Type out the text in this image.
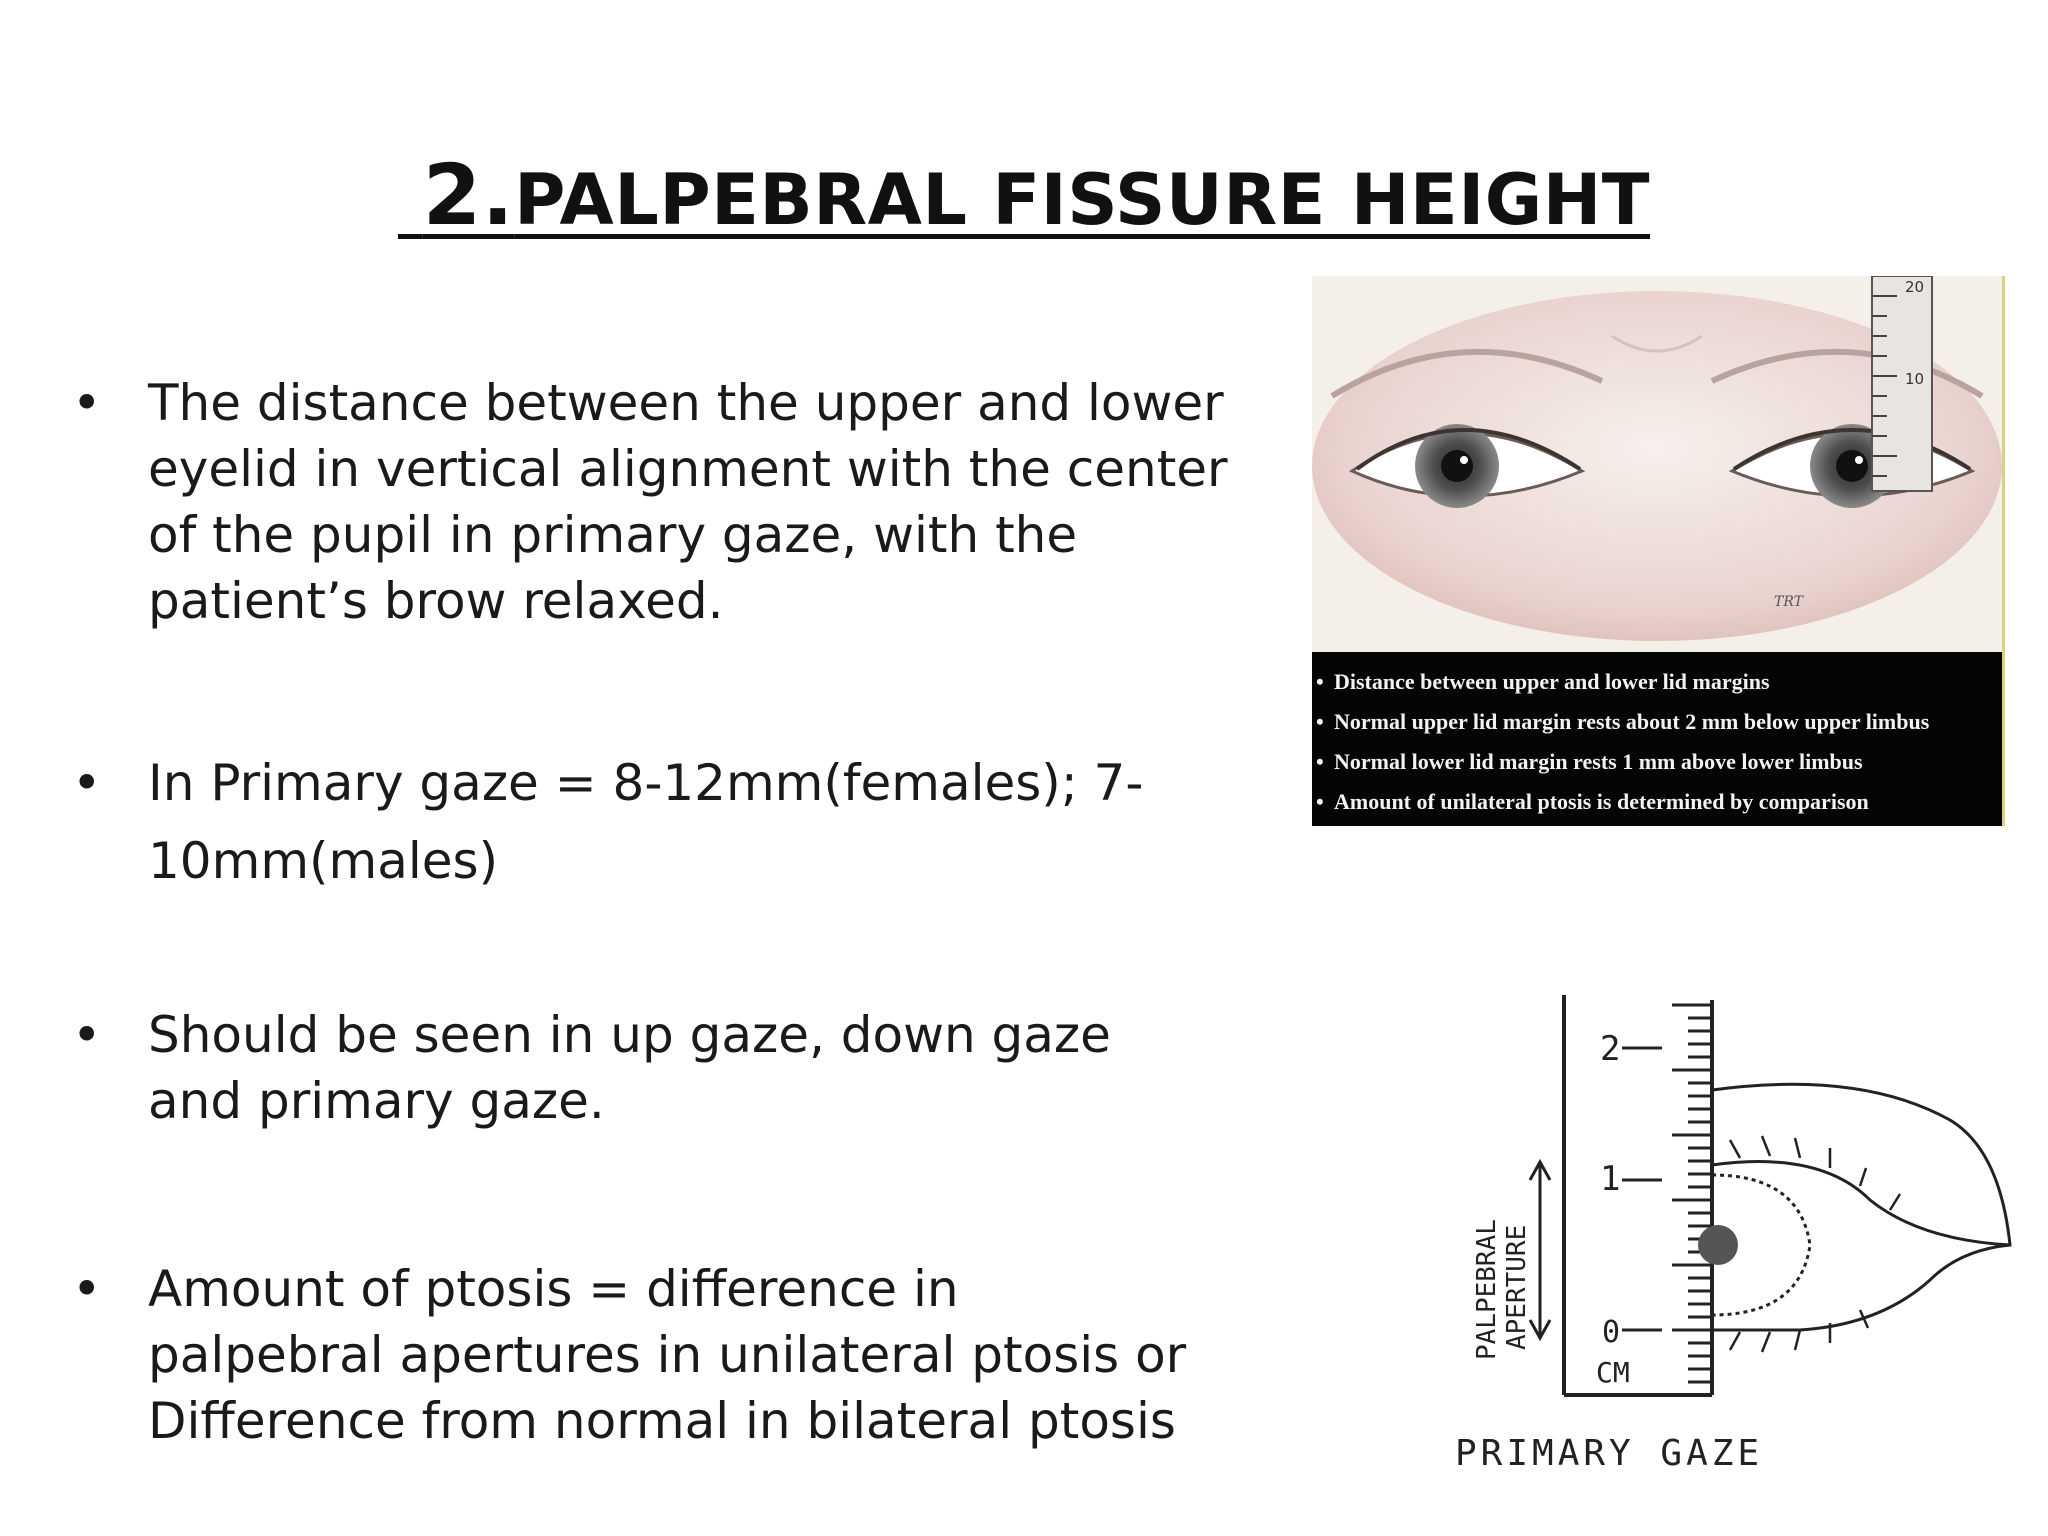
2.PALPEBRAL FISSURE HEIGHT
• The distance between the upper and lower eyelid in vertical alignment with the center of the pupil in primary gaze, with the patient’s brow relaxed.
• In Primary gaze = 8-12mm(females); 7-10mm(males)
• Should be seen in up gaze, down gaze and primary gaze.
• Amount of ptosis = difference in palpebral apertures in unilateral ptosis or Difference from normal in bilateral ptosis
20
10
TRT
• Distance between upper and lower lid margins
• Normal upper lid margin rests about 2 mm below upper limbus
• Normal lower lid margin rests 1 mm above lower limbus
• Amount of unilateral ptosis is determined by comparison
2
1
0
CM
PALPEBRAL APERTURE
PRIMARY GAZE
